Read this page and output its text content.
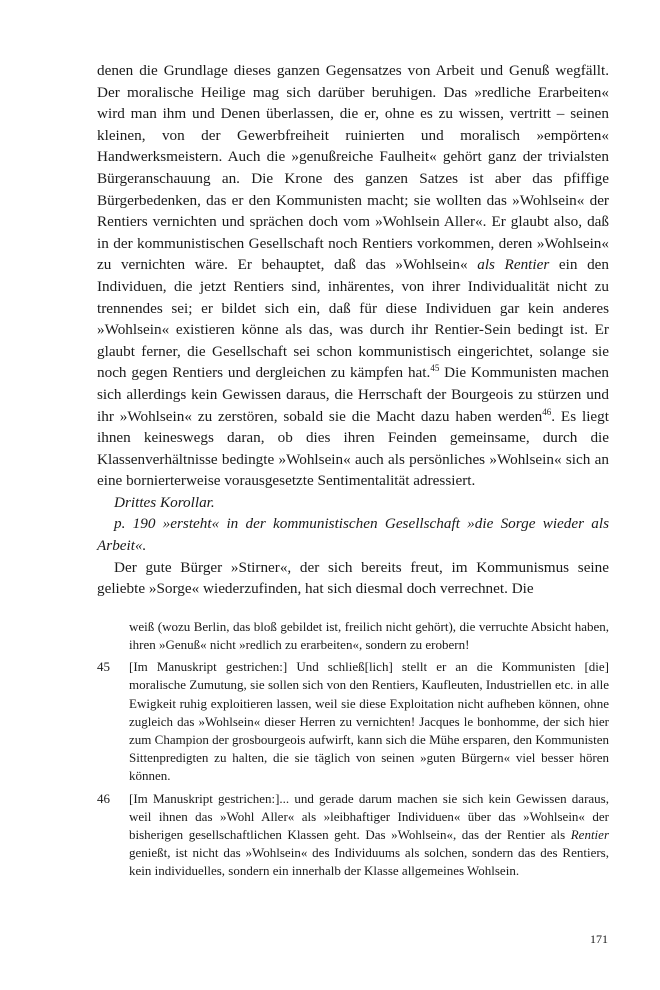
denen die Grundlage dieses ganzen Gegensatzes von Arbeit und Genuß wegfällt. Der moralische Heilige mag sich darüber beruhigen. Das »redliche Erarbeiten« wird man ihm und Denen überlassen, die er, ohne es zu wissen, vertritt – seinen kleinen, von der Gewerbfreiheit ruinierten und moralisch »empörten« Handwerksmeistern. Auch die »genußreiche Faulheit« gehört ganz der trivialsten Bürgeranschauung an. Die Krone des ganzen Satzes ist aber das pfiffige Bürgerbedenken, das er den Kommunisten macht; sie wollten das »Wohlsein« der Rentiers vernichten und sprächen doch vom »Wohlsein Aller«. Er glaubt also, daß in der kommunistischen Gesellschaft noch Rentiers vorkommen, deren »Wohlsein« zu vernichten wäre. Er behauptet, daß das »Wohlsein« als Rentier ein den Individuen, die jetzt Rentiers sind, inhärentes, von ihrer Individualität nicht zu trennendes sei; er bildet sich ein, daß für diese Individuen gar kein anderes »Wohlsein« existieren könne als das, was durch ihr Rentier-Sein bedingt ist. Er glaubt ferner, die Gesellschaft sei schon kommunistisch eingerichtet, solange sie noch gegen Rentiers und dergleichen zu kämpfen hat.$^{45}$ Die Kommunisten machen sich allerdings kein Gewissen daraus, die Herrschaft der Bourgeois zu stürzen und ihr »Wohlsein« zu zerstören, sobald sie die Macht dazu haben werden$^{46}$. Es liegt ihnen keineswegs daran, ob dies ihren Feinden gemeinsame, durch die Klassenverhältnisse bedingte »Wohlsein« auch als persönliches »Wohlsein« sich an eine bornierterweise vorausgesetzte Sentimentalität adressiert.

Drittes Korollar.

p. 190 »ersteht« in der kommunistischen Gesellschaft »die Sorge wieder als Arbeit«.

Der gute Bürger »Stirner«, der sich bereits freut, im Kommunismus seine geliebte »Sorge« wiederzufinden, hat sich diesmal doch verrechnet. Die

weiß (wozu Berlin, das bloß gebildet ist, freilich nicht gehört), die verruchte Absicht haben, ihren »Genuß« nicht »redlich zu erarbeiten«, sondern zu erobern!

45	[Im Manuskript gestrichen:] Und schließ[lich] stellt er an die Kommunisten [die] moralische Zumutung, sie sollen sich von den Rentiers, Kaufleuten, Industriellen etc. in alle Ewigkeit ruhig exploitieren lassen, weil sie diese Exploitation nicht aufheben können, ohne zugleich das »Wohlsein« dieser Herren zu vernichten! Jacques le bonhomme, der sich hier zum Champion der grosbourgeois aufwirft, kann sich die Mühe ersparen, den Kommunisten Sittenpredigten zu halten, die sie täglich von seinen »guten Bürgern« viel besser hören können.
46	[Im Manuskript gestrichen:]... und gerade darum machen sie sich kein Gewissen daraus, weil ihnen das »Wohl Aller« als »leibhaftiger Individuen« über das »Wohlsein« der bisherigen gesellschaftlichen Klassen geht. Das »Wohlsein«, das der Rentier als Rentier genießt, ist nicht das »Wohlsein« des Individuums als solchen, sondern das des Rentiers, kein individuelles, sondern ein innerhalb der Klasse allgemeines Wohlsein.
171
